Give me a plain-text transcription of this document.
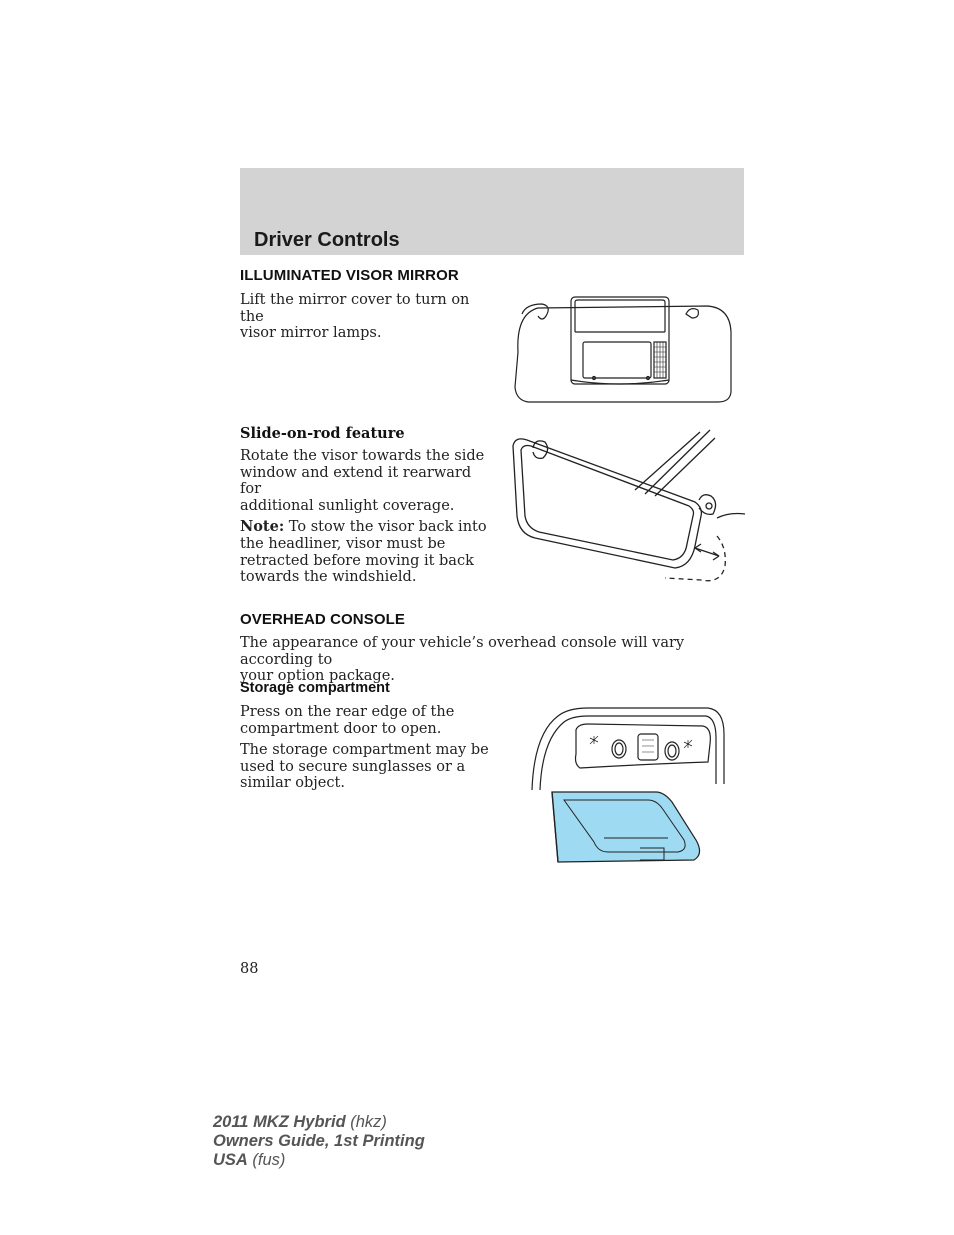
Driver Controls
ILLUMINATED VISOR MIRROR
Lift the mirror cover to turn on the
visor mirror lamps.
Slide-on-rod feature
Rotate the visor towards the side
window and extend it rearward for
additional sunlight coverage.
Note: To stow the visor back into
the headliner, visor must be
retracted before moving it back
towards the windshield.
OVERHEAD CONSOLE
The appearance of your vehicle’s overhead console will vary according to
your option package.
Storage compartment
Press on the rear edge of the
compartment door to open.
The storage compartment may be
used to secure sunglasses or a
similar object.
88
2011 MKZ Hybrid (hkz)
Owners Guide, 1st Printing
USA (fus)
